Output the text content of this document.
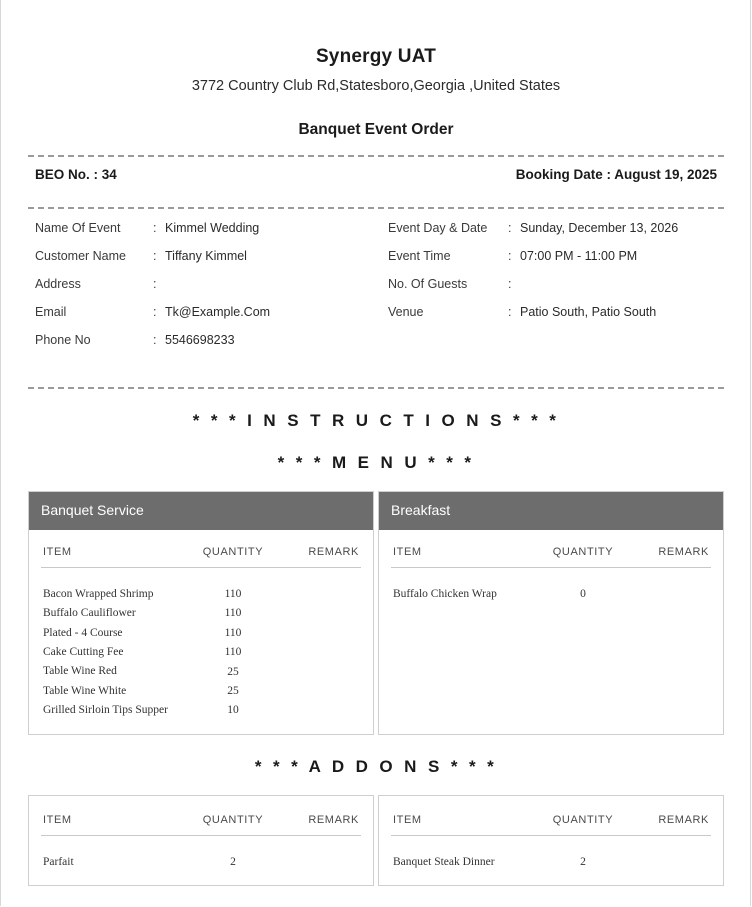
Synergy UAT
3772 Country Club Rd,Statesboro,Georgia ,United States
Banquet Event Order
BEO No. : 34	Booking Date : August 19, 2025
Name Of Event	: Kimmel Wedding
Customer Name	: Tiffany Kimmel
Address	:
Email	: Tk@Example.Com
Phone No	: 5546698233
Event Day & Date	: Sunday, December 13, 2026
Event Time	: 07:00 PM - 11:00 PM
No. Of Guests	:
Venue	: Patio South, Patio South
* * * I N S T R U C T I O N S * * *
* * * M E N U * * *
Banquet Service
ITEM	QUANTITY	REMARK

Bacon Wrapped Shrimp	110	
Buffalo Cauliflower	110	
Plated - 4 Course	110	
Cake Cutting Fee	110	
Table Wine Red	25	
Table Wine White	25	
Grilled Sirloin Tips Supper	10	
Breakfast
ITEM	QUANTITY	REMARK

Buffalo Chicken Wrap	0	
* * * A D D O N S * * *
ITEM	QUANTITY	REMARK

Parfait	2	
ITEM	QUANTITY	REMARK

Banquet Steak Dinner	2	
